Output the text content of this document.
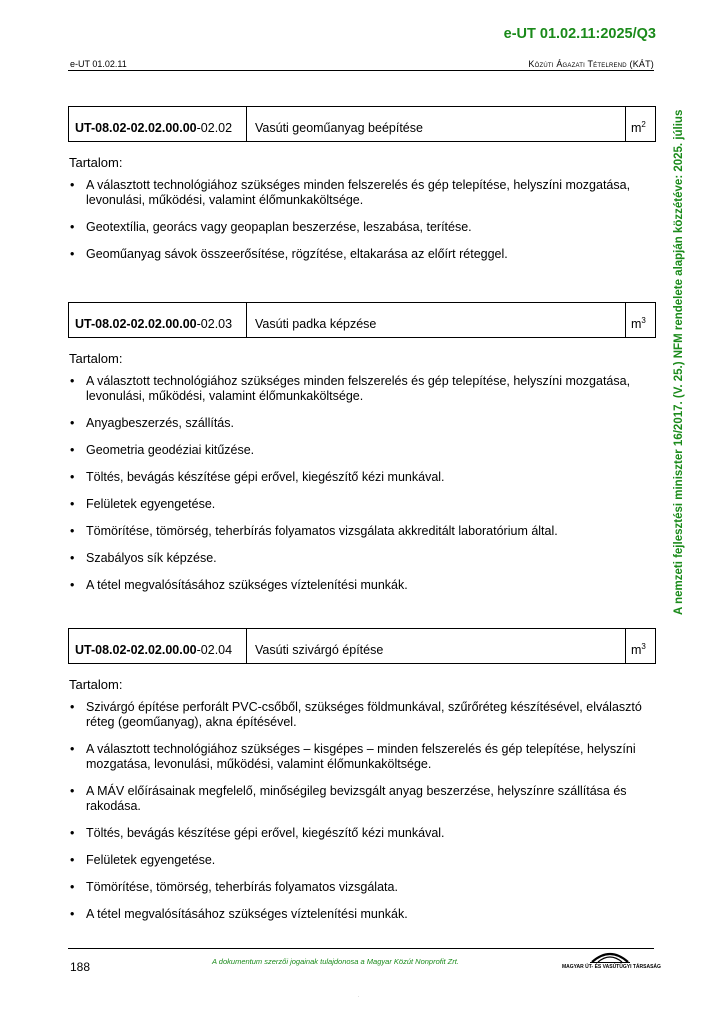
e-UT 01.02.11:2025/Q3
e-UT 01.02.11	Közúti Ágazati Tételrend (KÁT)
A nemzeti fejlesztési miniszter 16/2017. (V. 25.) NFM rendelete alapján közzétéve: 2025. július
UT-08.02-02.02.00.00-02.02	Vasúti geoműanyag beépítése	$m^2$
Tartalom:
• A választott technológiához szükséges minden felszerelés és gép telepítése, helyszíni mozgatása, levonulási, működési, valamint élőmunkaköltsége.
• Geotextília, georács vagy geopaplan beszerzése, leszabása, terítése.
• Geoműanyag sávok összeerősítése, rögzítése, eltakarása az előírt réteggel.
UT-08.02-02.02.00.00-02.03	Vasúti padka képzése	$m^3$
Tartalom:
• A választott technológiához szükséges minden felszerelés és gép telepítése, helyszíni mozgatása, levonulási, működési, valamint élőmunkaköltsége.
• Anyagbeszerzés, szállítás.
• Geometria geodéziai kitűzése.
• Töltés, bevágás készítése gépi erővel, kiegészítő kézi munkával.
• Felületek egyengetése.
• Tömörítése, tömörség, teherbírás folyamatos vizsgálata akkreditált laboratórium által.
• Szabályos sík képzése.
• A tétel megvalósításához szükséges víztelenítési munkák.
UT-08.02-02.02.00.00-02.04	Vasúti szivárgó építése	$m^3$
Tartalom:
• Szivárgó építése perforált PVC-csőből, szükséges földmunkával, szűrőréteg készítésével, elválasztó réteg (geoműanyag), akna építésével.
• A választott technológiához szükséges – kisgépes – minden felszerelés és gép telepítése, helyszíni mozgatása, levonulási, működési, valamint élőmunkaköltsége.
• A MÁV előírásainak megfelelő, minőségileg bevizsgált anyag beszerzése, helyszínre szállítása és rakodása.
• Töltés, bevágás készítése gépi erővel, kiegészítő kézi munkával.
• Felületek egyengetése.
• Tömörítése, tömörség, teherbírás folyamatos vizsgálata.
• A tétel megvalósításához szükséges víztelenítési munkák.
188	A dokumentum szerzői jogainak tulajdonosa a Magyar Közút Nonprofit Zrt.
MAGYAR ÚT- ÉS VASÚTÜGYI TÁRSASÁG
.
